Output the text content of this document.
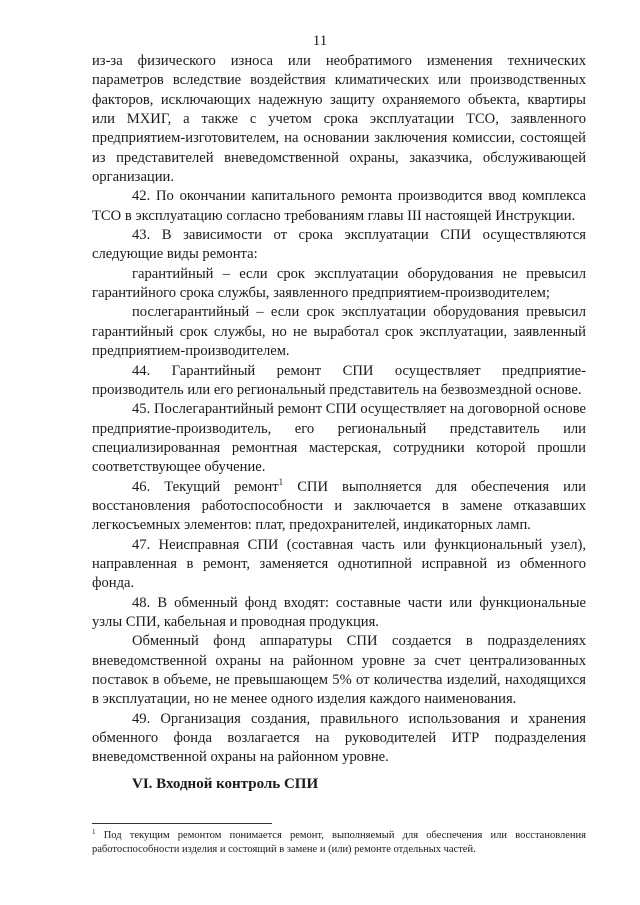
11

из-за физического износа или необратимого изменения технических параметров вследствие воздействия климатических или производственных факторов, исключающих надежную защиту охраняемого объекта, квартиры или МХИГ, а также с учетом срока эксплуатации ТСО, заявленного предприятием-изготовителем, на основании заключения комиссии, состоящей из представителей вневедомственной охраны, заказчика, обслуживающей организации.

42. По окончании капитального ремонта производится ввод комплекса ТСО в эксплуатацию согласно требованиям главы III настоящей Инструкции.

43. В зависимости от срока эксплуатации СПИ осуществляются следующие виды ремонта:

гарантийный – если срок эксплуатации оборудования не превысил гарантийного срока службы, заявленного предприятием-производителем;

послегарантийный – если срок эксплуатации оборудования превысил гарантийный срок службы, но не выработал срок эксплуатации, заявленный предприятием-производителем.

44. Гарантийный ремонт СПИ осуществляет предприятие-производитель или его региональный представитель на безвозмездной основе.

45. Послегарантийный ремонт СПИ осуществляет на договорной основе предприятие-производитель, его региональный представитель или специализированная ремонтная мастерская, сотрудники которой прошли соответствующее обучение.

46. Текущий ремонт$^1$ СПИ выполняется для обеспечения или восстановления работоспособности и заключается в замене отказавших легкосъемных элементов: плат, предохранителей, индикаторных ламп.

47. Неисправная СПИ (составная часть или функциональный узел), направленная в ремонт, заменяется однотипной исправной из обменного фонда.

48. В обменный фонд входят: составные части или функциональные узлы СПИ, кабельная и проводная продукция.

Обменный фонд аппаратуры СПИ создается в подразделениях вневедомственной охраны на районном уровне за счет централизованных поставок в объеме, не превышающем 5% от количества изделий, находящихся в эксплуатации, но не менее одного изделия каждого наименования.

49. Организация создания, правильного использования и хранения обменного фонда возлагается на руководителей ИТР подразделения вневедомственной охраны на районном уровне.

VI. Входной контроль СПИ
$^1$ Под текущим ремонтом понимается ремонт, выполняемый для обеспечения или восстановления работоспособности изделия и состоящий в замене и (или) ремонте отдельных частей.
